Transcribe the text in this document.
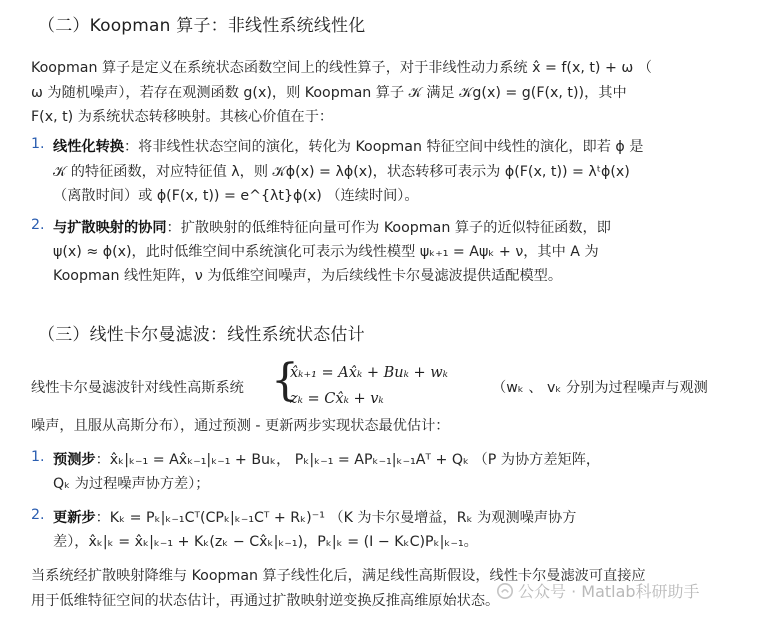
（二）Koopman 算子：非线性系统线性化
Koopman 算子是定义在系统状态函数空间上的线性算子，对于非线性动力系统 x̂ = f(x, t) + ω （
ω 为随机噪声），若存在观测函数 g(x)，则 Koopman 算子 𝒦 满足 𝒦g(x) = g(F(x, t))，其中
F(x, t) 为系统状态转移映射。其核心价值在于：
1. 线性化转换：将非线性状态空间的演化，转化为 Koopman 特征空间中线性的演化，即若 ϕ 是
𝒦 的特征函数，对应特征值 λ，则 𝒦ϕ(x) = λϕ(x)，状态转移可表示为 ϕ(F(x, t)) = λᵗϕ(x)
（离散时间）或 ϕ(F(x, t)) = e^{λt}ϕ(x) （连续时间）。
2. 与扩散映射的协同：扩散映射的低维特征向量可作为 Koopman 算子的近似特征函数，即
ψ(x) ≈ ϕ(x)，此时低维空间中系统演化可表示为线性模型 ψₖ₊₁ = Aψₖ + ν，其中 A 为
Koopman 线性矩阵，ν 为低维空间噪声，为后续线性卡尔曼滤波提供适配模型。
（三）线性卡尔曼滤波：线性系统状态估计
线性卡尔曼滤波针对线性高斯系统 {
x̂ₖ₊₁ = Ax̂ₖ + Buₖ + wₖ
zₖ = Cx̂ₖ + vₖ
（wₖ 、 vₖ 分别为过程噪声与观测
噪声，且服从高斯分布），通过预测 - 更新两步实现状态最优估计：
1. 预测步：x̂ₖ|ₖ₋₁ = Ax̂ₖ₋₁|ₖ₋₁ + Buₖ， Pₖ|ₖ₋₁ = APₖ₋₁|ₖ₋₁Aᵀ + Qₖ （P 为协方差矩阵，
Qₖ 为过程噪声协方差）；
2. 更新步：Kₖ = Pₖ|ₖ₋₁Cᵀ(CPₖ|ₖ₋₁Cᵀ + Rₖ)⁻¹ （K 为卡尔曼增益，Rₖ 为观测噪声协方
差），x̂ₖ|ₖ = x̂ₖ|ₖ₋₁ + Kₖ(zₖ − Cx̂ₖ|ₖ₋₁)，Pₖ|ₖ = (I − KₖC)Pₖ|ₖ₋₁。
当系统经扩散映射降维与 Koopman 算子线性化后，满足线性高斯假设，线性卡尔曼滤波可直接应
用于低维特征空间的状态估计，再通过扩散映射逆变换反推高维原始状态。	公众号 · Matlab科研助手
